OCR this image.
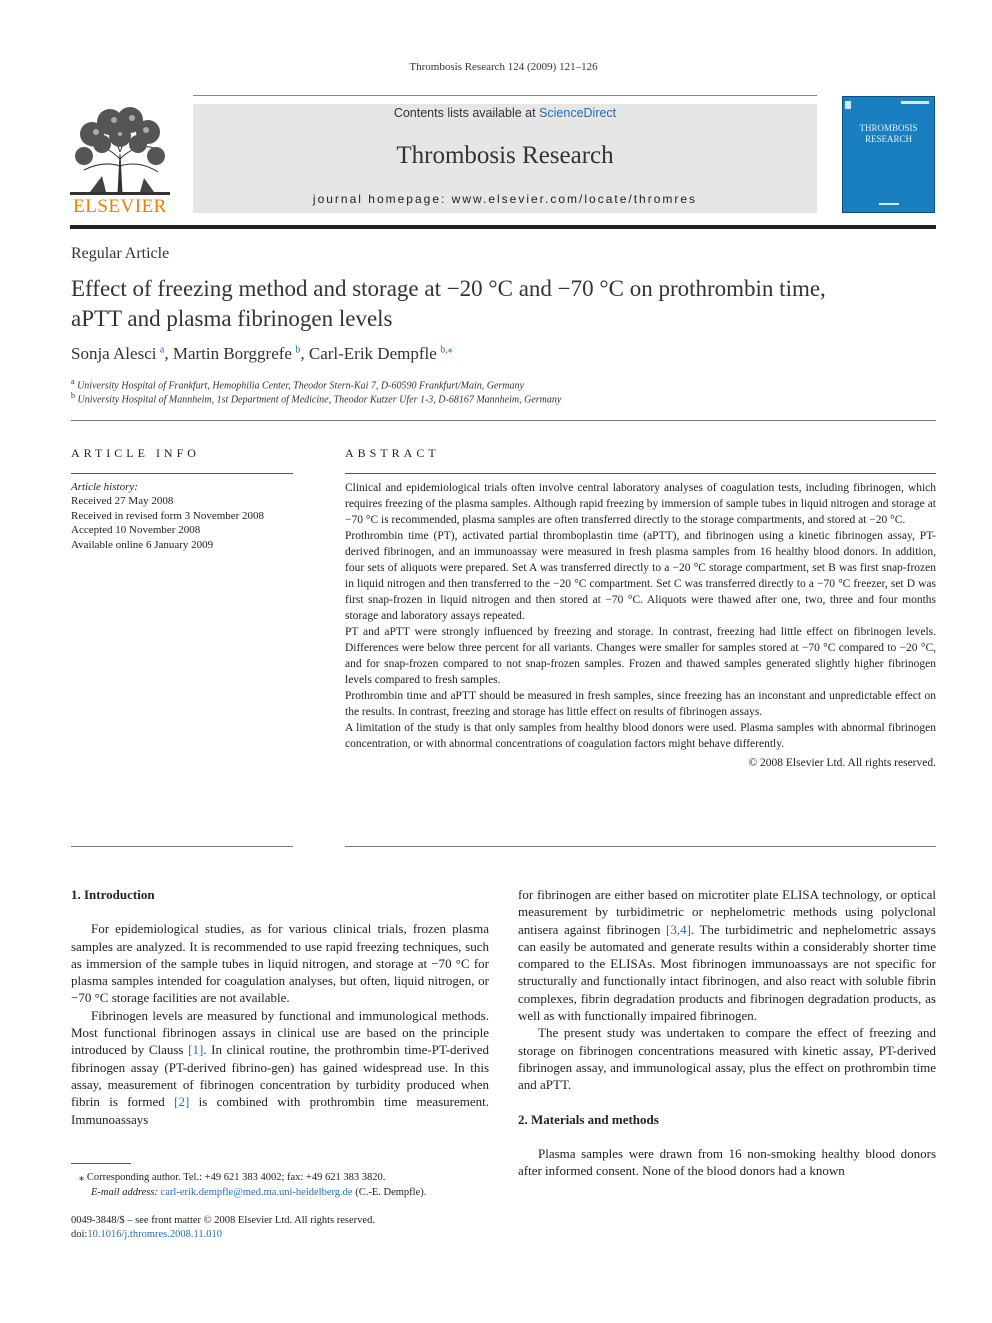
Thrombosis Research 124 (2009) 121–126
ELSEVIER
Contents lists available at ScienceDirect
Thrombosis Research
journal homepage: www.elsevier.com/locate/thromres
THROMBOSIS RESEARCH
Regular Article
Effect of freezing method and storage at −20 °C and −70 °C on prothrombin time,
aPTT and plasma fibrinogen levels
Sonja Alesci  $^a$, Martin Borggrefe  $^b$, Carl-Erik Dempfle  $^{b,⁎}$
$^a$ University Hospital of Frankfurt, Hemophilia Center, Theodor Stern-Kai 7, D-60590 Frankfurt/Main, Germany
$^b$ University Hospital of Mannheim, 1st Department of Medicine, Theodor Kutzer Ufer 1-3, D-68167 Mannheim, Germany
ARTICLE INFO
Article history:
Received 27 May 2008
Received in revised form 3 November 2008
Accepted 10 November 2008
Available online 6 January 2009
ABSTRACT

Clinical and epidemiological trials often involve central laboratory analyses of coagulation tests, including fibrinogen, which requires freezing of the plasma samples. Although rapid freezing by immersion of sample tubes in liquid nitrogen and storage at −70 °C is recommended, plasma samples are often transferred directly to the storage compartments, and stored at −20 °C.

Prothrombin time (PT), activated partial thromboplastin time (aPTT), and fibrinogen using a kinetic fibrinogen assay, PT-derived fibrinogen, and an immunoassay were measured in fresh plasma samples from 16 healthy blood donors. In addition, four sets of aliquots were prepared. Set A was transferred directly to a −20 °C storage compartment, set B was first snap-frozen in liquid nitrogen and then transferred to the −20 °C compartment. Set C was transferred directly to a −70 °C freezer, set D was first snap-frozen in liquid nitrogen and then stored at −70 °C. Aliquots were thawed after one, two, three and four months storage and laboratory assays repeated.

PT and aPTT were strongly influenced by freezing and storage. In contrast, freezing had little effect on fibrinogen levels. Differences were below three percent for all variants. Changes were smaller for samples stored at −70 °C compared to −20 °C, and for snap-frozen compared to not snap-frozen samples. Frozen and thawed samples generated slightly higher fibrinogen levels compared to fresh samples.

Prothrombin time and aPTT should be measured in fresh samples, since freezing has an inconstant and unpredictable effect on the results. In contrast, freezing and storage has little effect on results of fibrinogen assays.

A limitation of the study is that only samples from healthy blood donors were used. Plasma samples with abnormal fibrinogen concentration, or with abnormal concentrations of coagulation factors might behave differently.

© 2008 Elsevier Ltd. All rights reserved.

1. Introduction

For epidemiological studies, as for various clinical trials, frozen plasma samples are analyzed. It is recommended to use rapid freezing techniques, such as immersion of the sample tubes in liquid nitrogen, and storage at −70 °C for plasma samples intended for coagulation analyses, but often, liquid nitrogen, or −70 °C storage facilities are not available.

Fibrinogen levels are measured by functional and immunological methods. Most functional fibrinogen assays in clinical use are based on the principle introduced by Clauss [1]. In clinical routine, the prothrombin time-PT-derived fibrinogen assay (PT-derived fibrino-gen) has gained widespread use. In this assay, measurement of fibrinogen concentration by turbidity produced when fibrin is formed [2] is combined with prothrombin time measurement. Immunoassays

for fibrinogen are either based on microtiter plate ELISA technology, or optical measurement by turbidimetric or nephelometric methods using polyclonal antisera against fibrinogen [3,4]. The turbidimetric and nephelometric assays can easily be automated and generate results within a considerably shorter time compared to the ELISAs. Most fibrinogen immunoassays are not specific for structurally and functionally intact fibrinogen, and also react with soluble fibrin complexes, fibrin degradation products and fibrinogen degradation products, as well as with functionally impaired fibrinogen.

The present study was undertaken to compare the effect of freezing and storage on fibrinogen concentrations measured with kinetic assay, PT-derived fibrinogen assay, and immunological assay, plus the effect on prothrombin time and aPTT.

2. Materials and methods

Plasma samples were drawn from 16 non-smoking healthy blood donors after informed consent. None of the blood donors had a known

⁎ Corresponding author. Tel.: +49 621 383 4002; fax: +49 621 383 3820.
E-mail address: carl-erik.dempfle@med.ma.uni-heidelberg.de (C.-E. Dempfle).
0049-3848/$ – see front matter © 2008 Elsevier Ltd. All rights reserved.
doi:10.1016/j.thromres.2008.11.010
